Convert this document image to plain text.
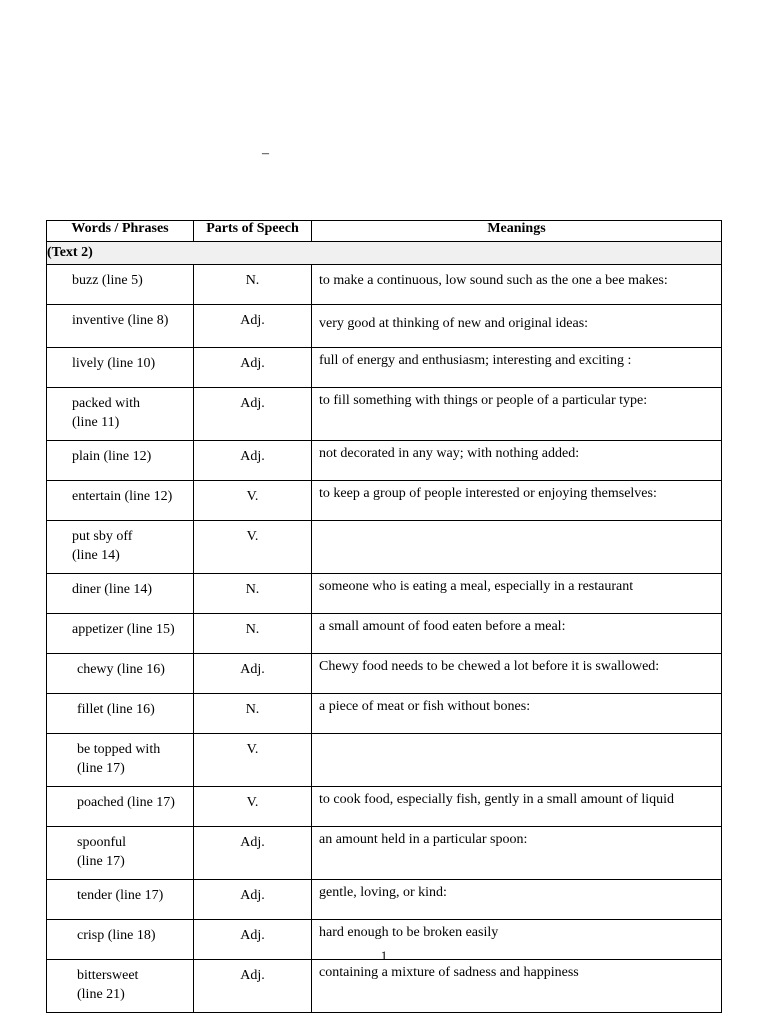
–
Words / Phrases	Parts of Speech	Meanings
(Text 2)		
buzz (line 5)	N.	to make a continuous, low sound such as the one a bee makes:
inventive (line 8)	Adj.	very good at thinking of new and original ideas:
lively (line 10)	Adj.	full of energy and enthusiasm; interesting and exciting :

packed with
(line 11)	Adj.	to fill something with things or people of a particular type:
plain (line 12)	Adj.	not decorated in any way; with nothing added:
entertain (line 12)	V.	to keep a group of people interested or enjoying themselves:

put sby off
(line 14)	V.	
diner (line 14)	N.	someone who is eating a meal, especially in a restaurant
appetizer (line 15)	N.	a small amount of food eaten before a meal:
chewy (line 16)	Adj.	Chewy food needs to be chewed a lot before it is swallowed:
fillet (line 16)	N.	a piece of meat or fish without bones:

be topped with
(line 17)	V.	
poached (line 17)	V.	to cook food, especially fish, gently in a small amount of liquid

spoonful
(line 17)	Adj.	an amount held in a particular spoon:
tender (line 17)	Adj.	gentle, loving, or kind:
crisp (line 18)	Adj.	hard enough to be broken easily

bittersweet
(line 21)	Adj.	containing a mixture of sadness and happiness
1
